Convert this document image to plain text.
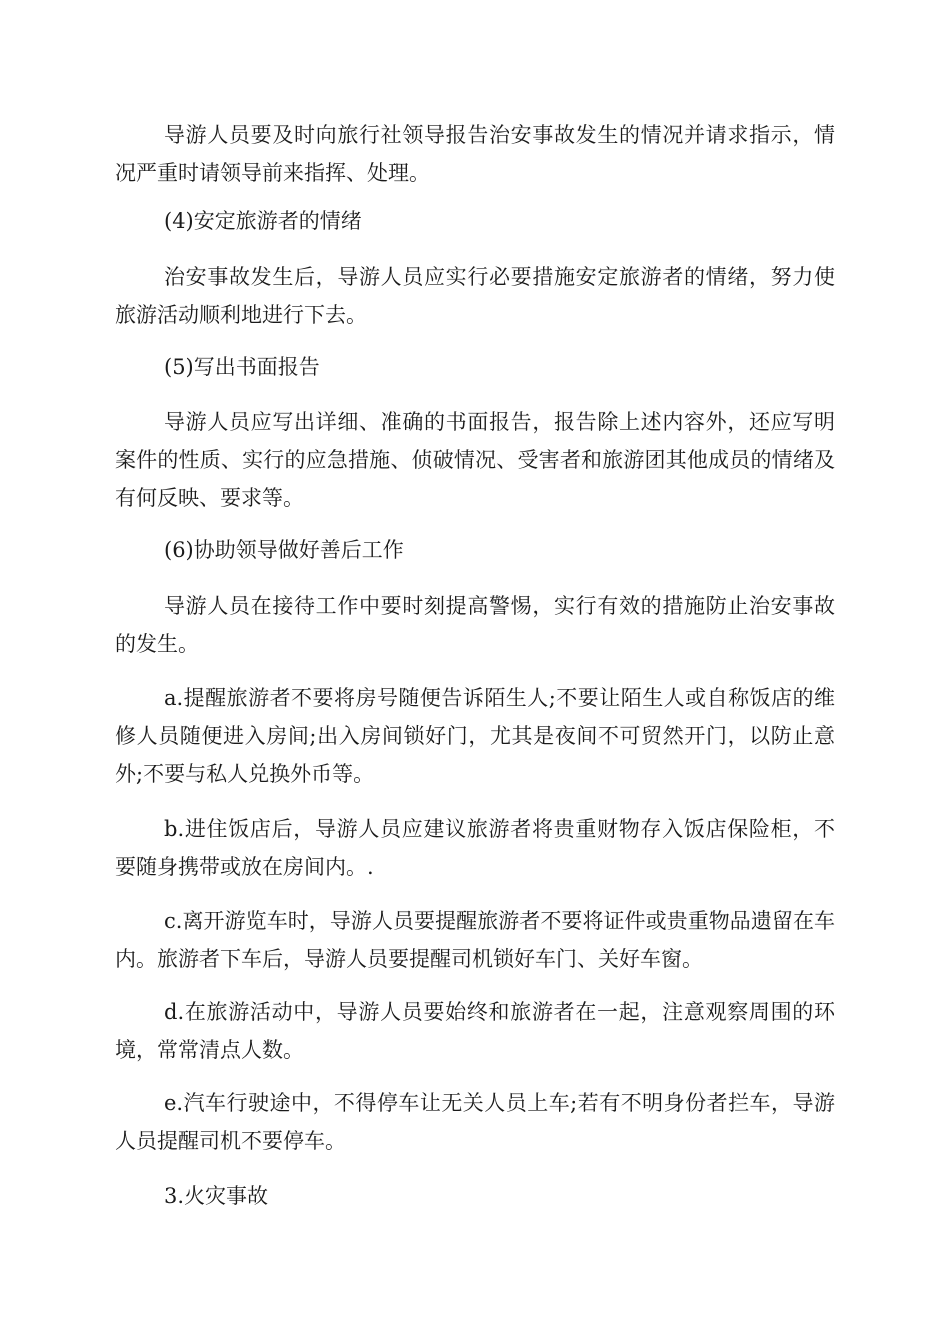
导游人员要及时向旅行社领导报告治安事故发生的情况并请求指示，情况严重时请领导前来指挥、处理。

(4)安定旅游者的情绪

治安事故发生后，导游人员应实行必要措施安定旅游者的情绪，努力使旅游活动顺利地进行下去。

(5)写出书面报告

导游人员应写出详细、准确的书面报告，报告除上述内容外，还应写明案件的性质、实行的应急措施、侦破情况、受害者和旅游团其他成员的情绪及有何反映、要求等。

(6)协助领导做好善后工作

导游人员在接待工作中要时刻提高警惕，实行有效的措施防止治安事故的发生。

a.提醒旅游者不要将房号随便告诉陌生人;不要让陌生人或自称饭店的维修人员随便进入房间;出入房间锁好门，尤其是夜间不可贸然开门，以防止意外;不要与私人兑换外币等。

b.进住饭店后，导游人员应建议旅游者将贵重财物存入饭店保险柜，不要随身携带或放在房间内。.

c.离开游览车时，导游人员要提醒旅游者不要将证件或贵重物品遗留在车内。旅游者下车后，导游人员要提醒司机锁好车门、关好车窗。

d.在旅游活动中，导游人员要始终和旅游者在一起，注意观察周围的环境，常常清点人数。

e.汽车行驶途中，不得停车让无关人员上车;若有不明身份者拦车，导游人员提醒司机不要停车。

3.火灾事故
